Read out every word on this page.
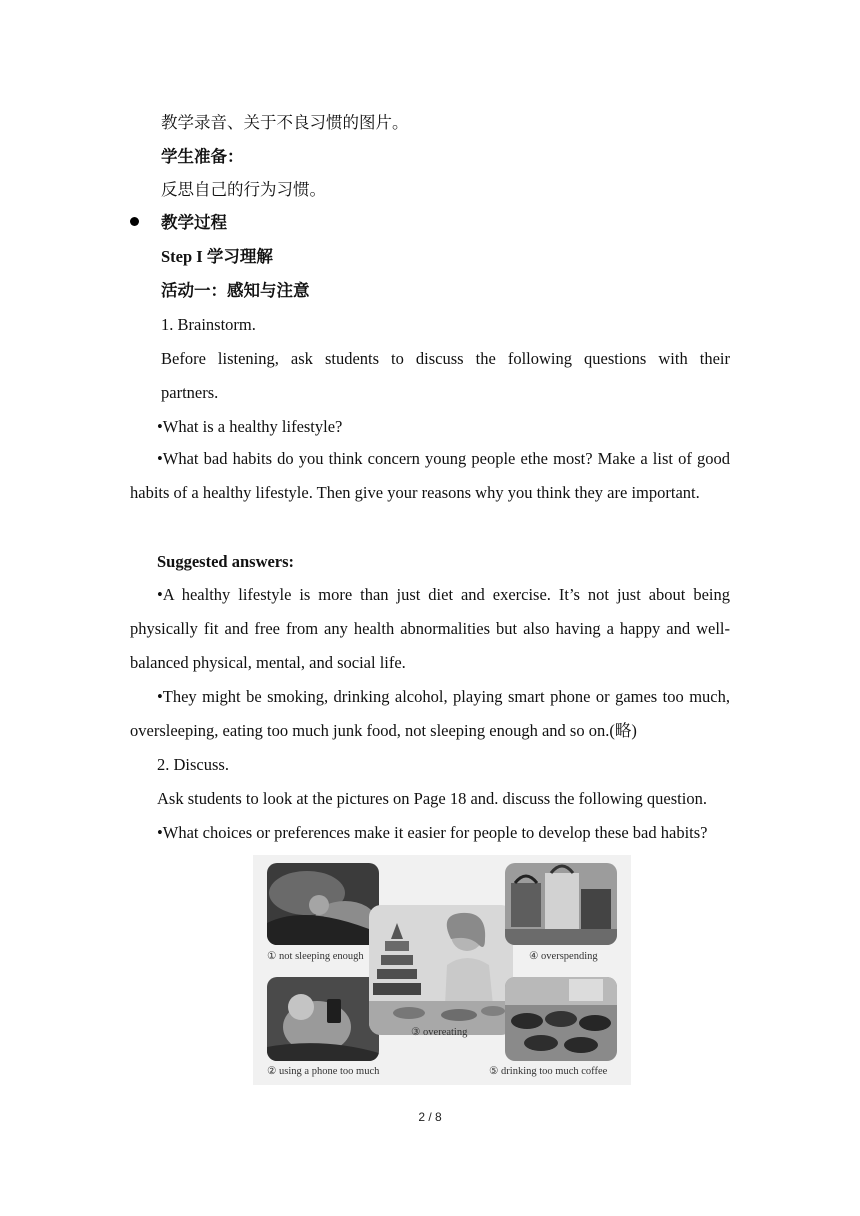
教学录音、关于不良习惯的图片。
学生准备：
反思自己的行为习惯。
教学过程
Step I 学习理解
活动一：感知与注意
1. Brainstorm.
Before listening, ask students to discuss the following questions with their
partners.
•What is a healthy lifestyle?
•What bad habits do you think concern young people ethe most? Make a list of good habits of a healthy lifestyle. Then give your reasons why you think they are important.
Suggested answers:
•A healthy lifestyle is more than just diet and exercise. It’s not just about being physically fit and free from any health abnormalities but also having a happy and well-balanced physical, mental, and social life.
•They might be smoking, drinking alcohol, playing smart phone or games too much, oversleeping, eating too much junk food, not sleeping enough and so on.(略)
2. Discuss.
Ask students to look at the pictures on Page 18 and. discuss the following question.
•What choices or preferences make it easier for people to develop these bad habits?
① not sleeping enough
② using a phone too much
③ overeating
④ overspending
⑤ drinking too much coffee
2 / 8
